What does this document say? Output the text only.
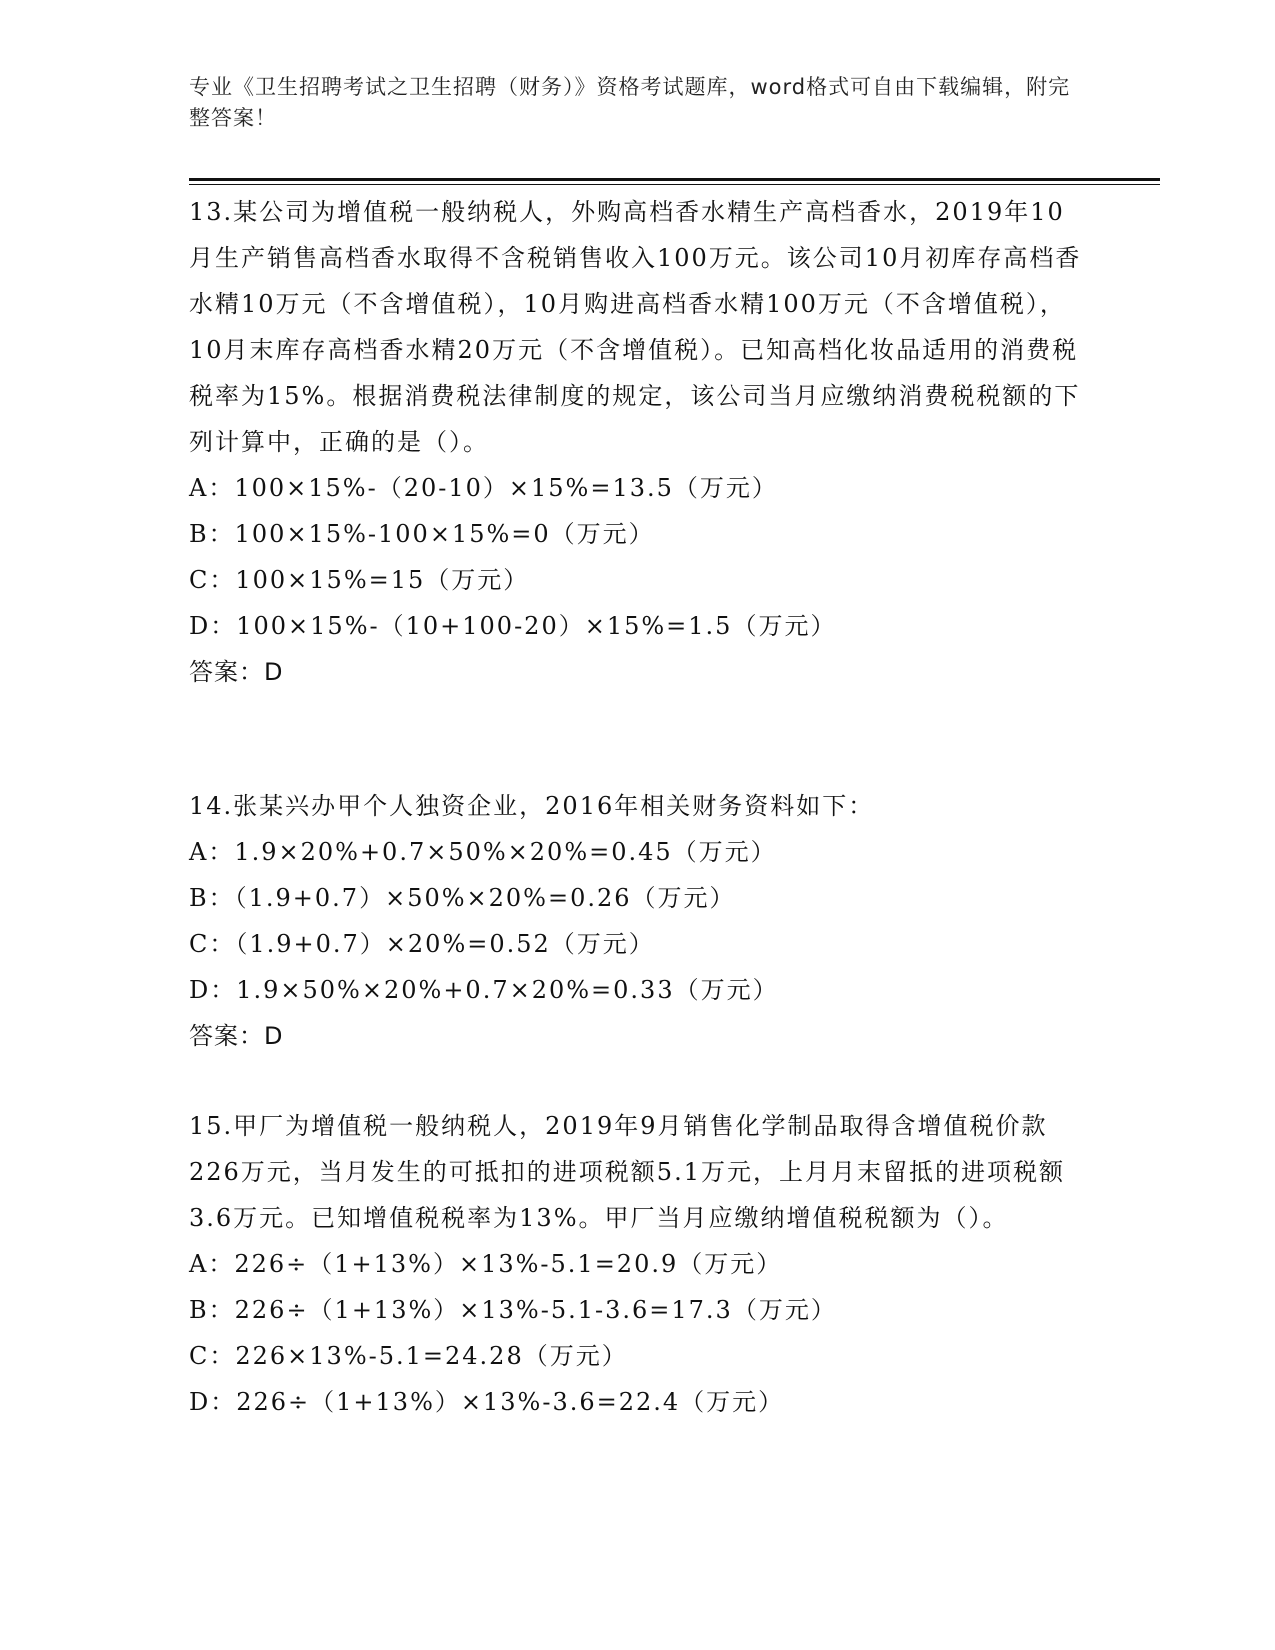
专业《卫生招聘考试之卫生招聘（财务）》资格考试题库，word格式可自由下载编辑，附完整答案！

13.某公司为增值税一般纳税人，外购高档香水精生产高档香水，2019年10月生产销售高档香水取得不含税销售收入100万元。该公司10月初库存高档香水精10万元（不含增值税），10月购进高档香水精100万元（不含增值税），10月末库存高档香水精20万元（不含增值税）。已知高档化妆品适用的消费税税率为15%。根据消费税法律制度的规定，该公司当月应缴纳消费税税额的下列计算中，正确的是（）。

A：100×15%-（20-10）×15%=13.5（万元）

B：100×15%-100×15%=0（万元）

C：100×15%=15（万元）

D：100×15%-（10+100-20）×15%=1.5（万元）

答案：D

14.张某兴办甲个人独资企业，2016年相关财务资料如下：

A：1.9×20%+0.7×50%×20%=0.45（万元）

B：（1.9+0.7）×50%×20%=0.26（万元）

C：（1.9+0.7）×20%=0.52（万元）

D：1.9×50%×20%+0.7×20%=0.33（万元）

答案：D

15.甲厂为增值税一般纳税人，2019年9月销售化学制品取得含增值税价款226万元，当月发生的可抵扣的进项税额5.1万元，上月月末留抵的进项税额3.6万元。已知增值税税率为13%。甲厂当月应缴纳增值税税额为（）。

A：226÷（1+13%）×13%-5.1=20.9（万元）

B：226÷（1+13%）×13%-5.1-3.6=17.3（万元）

C：226×13%-5.1=24.28（万元）

D：226÷（1+13%）×13%-3.6=22.4（万元）
